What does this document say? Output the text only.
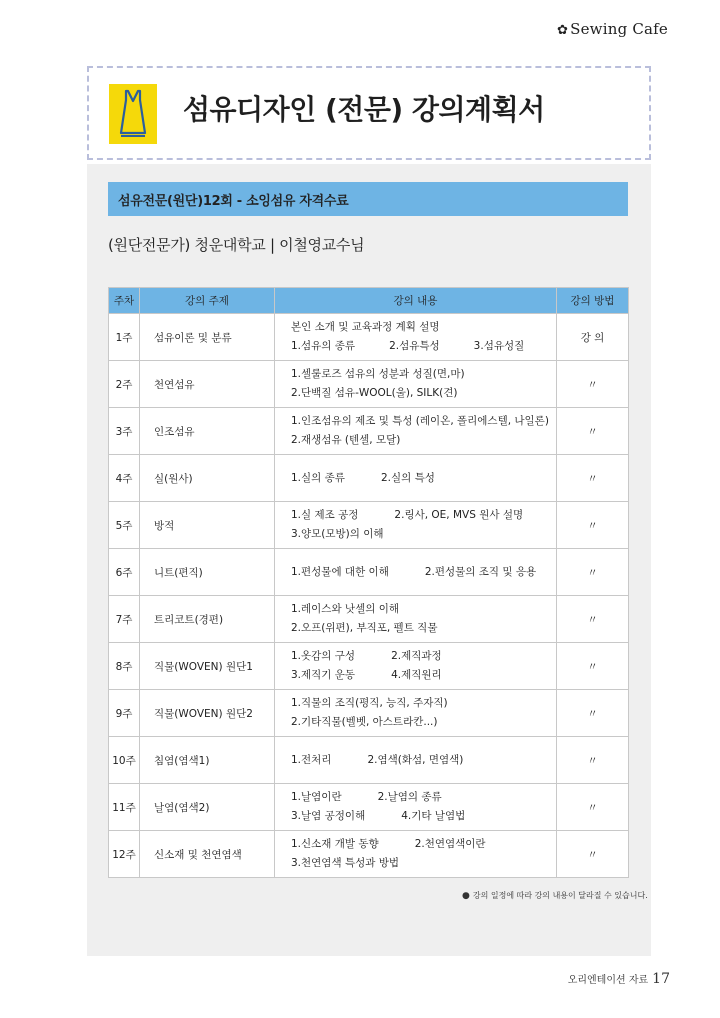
✿ Sewing Cafe
섬유디자인 (전문) 강의계획서
섬유전문(원단)12회 - 소잉섬유 자격수료
(원단전문가) 청운대학교 | 이철영교수님
주차	강의 주제	강의 내용	강의 방법
1주	섬유이론 및 분류	본인 소개 및 교육과정 계획 설명
1.섬유의 종류 2.섬유특성 3.섬유성질	강 의
2주	천연섬유	1.셀룰로즈 섬유의 성분과 성질(면,마)
2.단백질 섬유-WOOL(울), SILK(견)	〃
3주	인조섬유	1.인조섬유의 제조 및 특성 (레이온, 폴리에스텔, 나일론)
2.재생섬유 (텐셀, 모달)	〃
4주	실(원사)	1.실의 종류 2.실의 특성	〃
5주	방적	1.실 제조 공정 2.링사, OE, MVS 원사 설명
3.양모(모방)의 이해	〃
6주	니트(편직)	1.편성물에 대한 이해 2.편성물의 조직 및 응용	〃
7주	트리코트(경편)	1.레이스와 낫셀의 이해
2.오프(위편), 부직포, 펠트 직물	〃
8주	직물(WOVEN) 원단1	1.옷감의 구성 2.제직과정
3.제직기 운동 4.제직원리	〃
9주	직물(WOVEN) 원단2	1.직물의 조직(평직, 능직, 주자직)
2.기타직물(벨벳, 아스트라칸...)	〃
10주	침염(염색1)	1.전처리 2.염색(화섬, 면염색)	〃
11주	날염(염색2)	1.날염이란 2.날염의 종류
3.날염 공정이해 4.기타 날염법	〃
12주	신소재 및 천연염색	1.신소재 개발 동향 2.천연염색이란
3.천연염색 특성과 방법	〃
● 강의 일정에 따라 강의 내용이 달라질 수 있습니다.
오리엔테이션 자료 17
